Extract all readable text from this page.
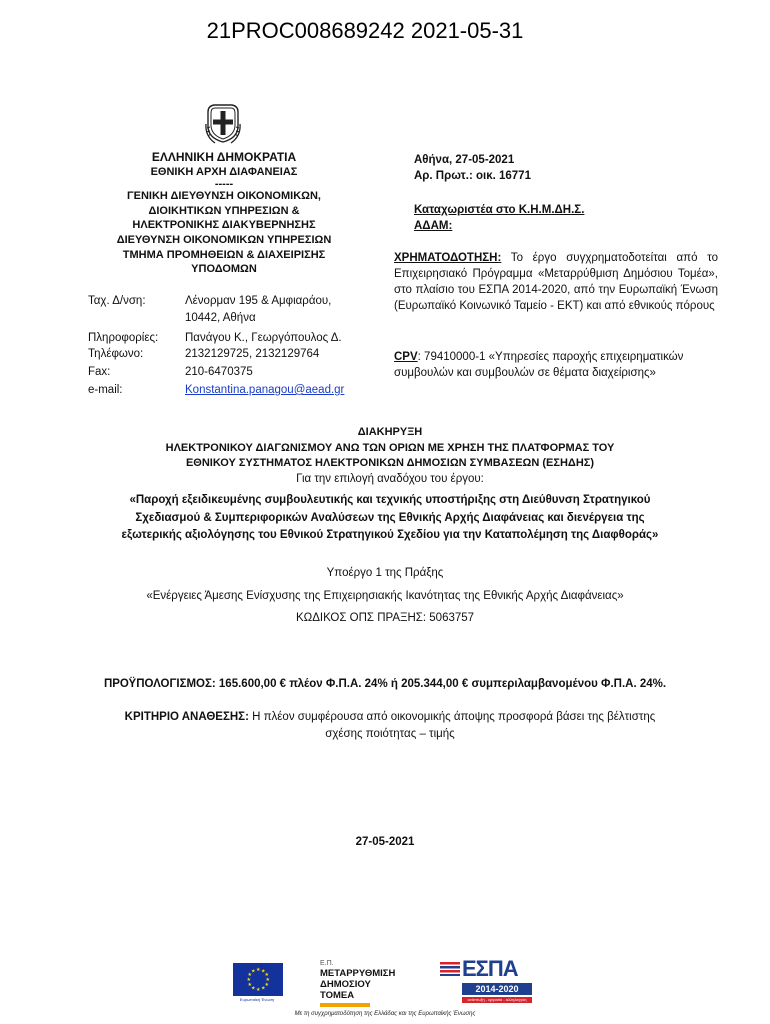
21PROC008689242 2021-05-31
ΕΛΛΗΝΙΚΗ ΔΗΜΟΚΡΑΤΙΑ
ΕΘΝΙΚΗ ΑΡΧΗ ΔΙΑΦΑΝΕΙΑΣ
-----
ΓΕΝΙΚΗ ΔΙΕΥΘΥΝΣΗ ΟΙΚΟΝΟΜΙΚΩΝ,
ΔΙΟΙΚΗΤΙΚΩΝ ΥΠΗΡΕΣΙΩΝ &
ΗΛΕΚΤΡΟΝΙΚΗΣ ΔΙΑΚΥΒΕΡΝΗΣΗΣ
ΔΙΕΥΘΥΝΣΗ ΟΙΚΟΝΟΜΙΚΩΝ ΥΠΗΡΕΣΙΩΝ
ΤΜΗΜΑ ΠΡΟΜΗΘΕΙΩΝ & ΔΙΑΧΕΙΡΙΣΗΣ
ΥΠΟΔΟΜΩΝ
Ταχ. Δ/νση:	Λένορμαν 195 & Αμφιαράου,
10442, Αθήνα
Πληροφορίες:	Πανάγου Κ., Γεωργόπουλος Δ.
Τηλέφωνο:	2132129725, 2132129764
Fax:	210-6470375
e-mail:	Konstantina.panagou@aead.gr
Αθήνα, 27-05-2021
Αρ. Πρωτ.: οικ. 16771
Καταχωριστέα στο Κ.Η.Μ.ΔΗ.Σ.
ΑΔΑΜ:
ΧΡΗΜΑΤΟΔΟΤΗΣΗ: Το έργο συγχρηματοδοτείται από το Επιχειρησιακό Πρόγραμμα «Μεταρρύθμιση Δημόσιου Τομέα», στο πλαίσιο του ΕΣΠΑ 2014-2020, από την Ευρωπαϊκή Ένωση (Ευρωπαϊκό Κοινωνικό Ταμείο - ΕΚΤ) και από εθνικούς πόρους
CPV: 79410000-1 «Υπηρεσίες παροχής επιχειρηματικών συμβουλών και συμβουλών σε θέματα διαχείρισης»
ΔΙΑΚΗΡΥΞΗ
ΗΛΕΚΤΡΟΝΙΚΟΥ ΔΙΑΓΩΝΙΣΜΟΥ ΑΝΩ ΤΩΝ ΟΡΙΩΝ ΜΕ ΧΡΗΣΗ ΤΗΣ ΠΛΑΤΦΟΡΜΑΣ ΤΟΥ
ΕΘΝΙΚΟΥ ΣΥΣΤΗΜΑΤΟΣ ΗΛΕΚΤΡΟΝΙΚΩΝ ΔΗΜΟΣΙΩΝ ΣΥΜΒΑΣΕΩΝ (ΕΣΗΔΗΣ)
Για την επιλογή αναδόχου του έργου:
«Παροχή εξειδικευμένης συμβουλευτικής και τεχνικής υποστήριξης στη Διεύθυνση Στρατηγικού
Σχεδιασμού & Συμπεριφορικών Αναλύσεων της Εθνικής Αρχής Διαφάνειας και διενέργεια της
εξωτερικής αξιολόγησης του Εθνικού Στρατηγικού Σχεδίου για την Καταπολέμηση της Διαφθοράς»
Υποέργο 1 της Πράξης
«Ενέργειες Άμεσης Ενίσχυσης της Επιχειρησιακής Ικανότητας της Εθνικής Αρχής Διαφάνειας»
ΚΩΔΙΚΟΣ ΟΠΣ ΠΡΑΞΗΣ: 5063757
ΠΡΟΫΠΟΛΟΓΙΣΜΟΣ: 165.600,00 € πλέον Φ.Π.Α. 24% ή 205.344,00 € συμπεριλαμβανομένου Φ.Π.Α. 24%.
ΚΡΙΤΗΡΙΟ ΑΝΑΘΕΣΗΣ: Η πλέον συμφέρουσα από οικονομικής άποψης προσφορά βάσει της βέλτιστης
σχέσης ποιότητας – τιμής
27-05-2021
★ ★
★
★
★
★
★
★
★
★
★
★
Ευρωπαϊκή Ένωση
Ε.Π.
ΜΕΤΑΡΡΥΘΜΙΣΗ
ΔΗΜΟΣΙΟΥ
ΤΟΜΕΑ
ΕΣΠΑ
2014-2020
ανάπτυξη - εργασία - αλληλεγγύη
Με τη συγχρηματοδότηση της Ελλάδας και της Ευρωπαϊκής Ένωσης
